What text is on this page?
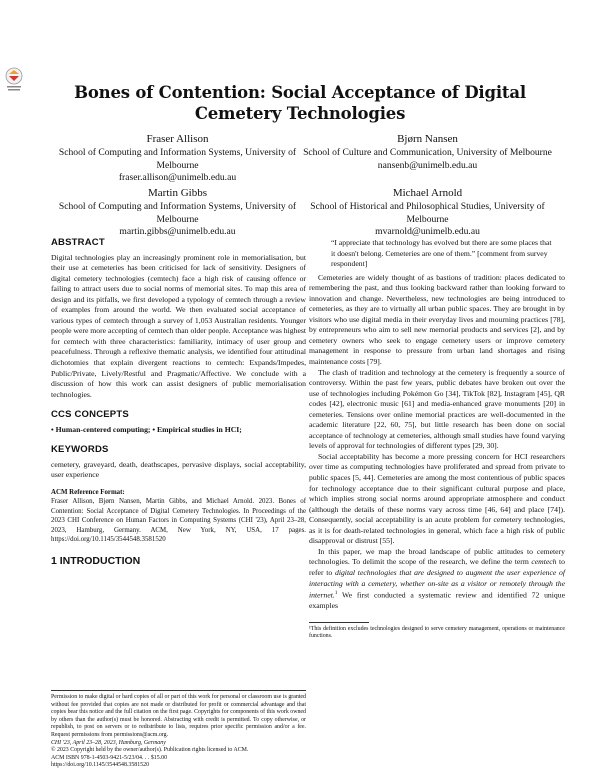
Bones of Contention: Social Acceptance of Digital Cemetery Technologies
Fraser Allison
School of Computing and Information Systems, University of Melbourne
fraser.allison@unimelb.edu.au
Bjørn Nansen
School of Culture and Communication, University of Melbourne
nansenb@unimelb.edu.au
Martin Gibbs
School of Computing and Information Systems, University of Melbourne
martin.gibbs@unimelb.edu.au
Michael Arnold
School of Historical and Philosophical Studies, University of Melbourne
mvarnold@unimelb.edu.au
ABSTRACT

Digital technologies play an increasingly prominent role in memorialisation, but their use at cemeteries has been criticised for lack of sensitivity. Designers of digital cemetery technologies (cemtech) face a high risk of causing offence or failing to attract users due to social norms of memorial sites. To map this area of design and its pitfalls, we first developed a typology of cemtech through a review of examples from around the world. We then evaluated social acceptance of various types of cemtech through a survey of 1,053 Australian residents. Younger people were more accepting of cemtech than older people. Acceptance was highest for cemtech with three characteristics: familiarity, intimacy of user group and peacefulness. Through a reflexive thematic analysis, we identified four attitudinal dichotomies that explain divergent reactions to cemtech: Expands/Impedes, Public/Private, Lively/Restful and Pragmatic/Affective. We conclude with a discussion of how this work can assist designers of public memorialisation technologies.

CCS CONCEPTS

• Human-centered computing; • Empirical studies in HCI;

KEYWORDS

cemetery, graveyard, death, deathscapes, pervasive displays, social acceptability, user experience

ACM Reference Format:

Fraser Allison, Bjørn Nansen, Martin Gibbs, and Michael Arnold. 2023. Bones of Contention: Social Acceptance of Digital Cemetery Technologies. In Proceedings of the 2023 CHI Conference on Human Factors in Computing Systems (CHI '23), April 23–28, 2023, Hamburg, Germany. ACM, New York, NY, USA, 17 pages. https://doi.org/10.1145/3544548.3581520

1 INTRODUCTION

Permission to make digital or hard copies of all or part of this work for personal or classroom use is granted without fee provided that copies are not made or distributed for profit or commercial advantage and that copies bear this notice and the full citation on the first page. Copyrights for components of this work owned by others than the author(s) must be honored. Abstracting with credit is permitted. To copy otherwise, or republish, to post on servers or to redistribute to lists, requires prior specific permission and/or a fee. Request permissions from permissions@acm.org.

CHI '23, April 23–28, 2023, Hamburg, Germany
© 2023 Copyright held by the owner/author(s). Publication rights licensed to ACM.
ACM ISBN 978-1-4503-9421-5/23/04. . . $15.00
https://doi.org/10.1145/3544548.3581520

“I appreciate that technology has evolved but there are some places that it doesn't belong. Cemeteries are one of them.” [comment from survey respondent]

Cemeteries are widely thought of as bastions of tradition: places dedicated to remembering the past, and thus looking backward rather than looking forward to innovation and change. Nevertheless, new technologies are being introduced to cemeteries, as they are to virtually all urban public spaces. They are brought in by visitors who use digital media in their everyday lives and mourning practices [78], by entrepreneurs who aim to sell new memorial products and services [2], and by cemetery owners who seek to engage cemetery users or improve cemetery management in response to pressure from urban land shortages and rising maintenance costs [79].

The clash of tradition and technology at the cemetery is frequently a source of controversy. Within the past few years, public debates have broken out over the use of technologies including Pokémon Go [34], TikTok [82], Instagram [45], QR codes [42], electronic music [61] and media-enhanced grave monuments [20] in cemeteries. Tensions over online memorial practices are well-documented in the academic literature [22, 60, 75], but little research has been done on social acceptance of technology at cemeteries, although small studies have found varying levels of approval for technologies of different types [29, 30].

Social acceptability has become a more pressing concern for HCI researchers over time as computing technologies have proliferated and spread from private to public spaces [5, 44]. Cemeteries are among the most contentious of public spaces for technology acceptance due to their significant cultural purpose and place, which implies strong social norms around appropriate atmosphere and conduct (although the details of these norms vary across time [46, 64] and place [74]). Consequently, social acceptability is an acute problem for cemetery technologies, as it is for death-related technologies in general, which face a high risk of public disapproval or distrust [55].

In this paper, we map the broad landscape of public attitudes to cemetery technologies. To delimit the scope of the research, we define the term cemtech to refer to digital technologies that are designed to augment the user experience of interacting with a cemetery, whether on-site as a visitor or remotely through the internet.$^1$ We first conducted a systematic review and identified 72 unique examples

¹This definition excludes technologies designed to serve cemetery management, operations or maintenance functions.
